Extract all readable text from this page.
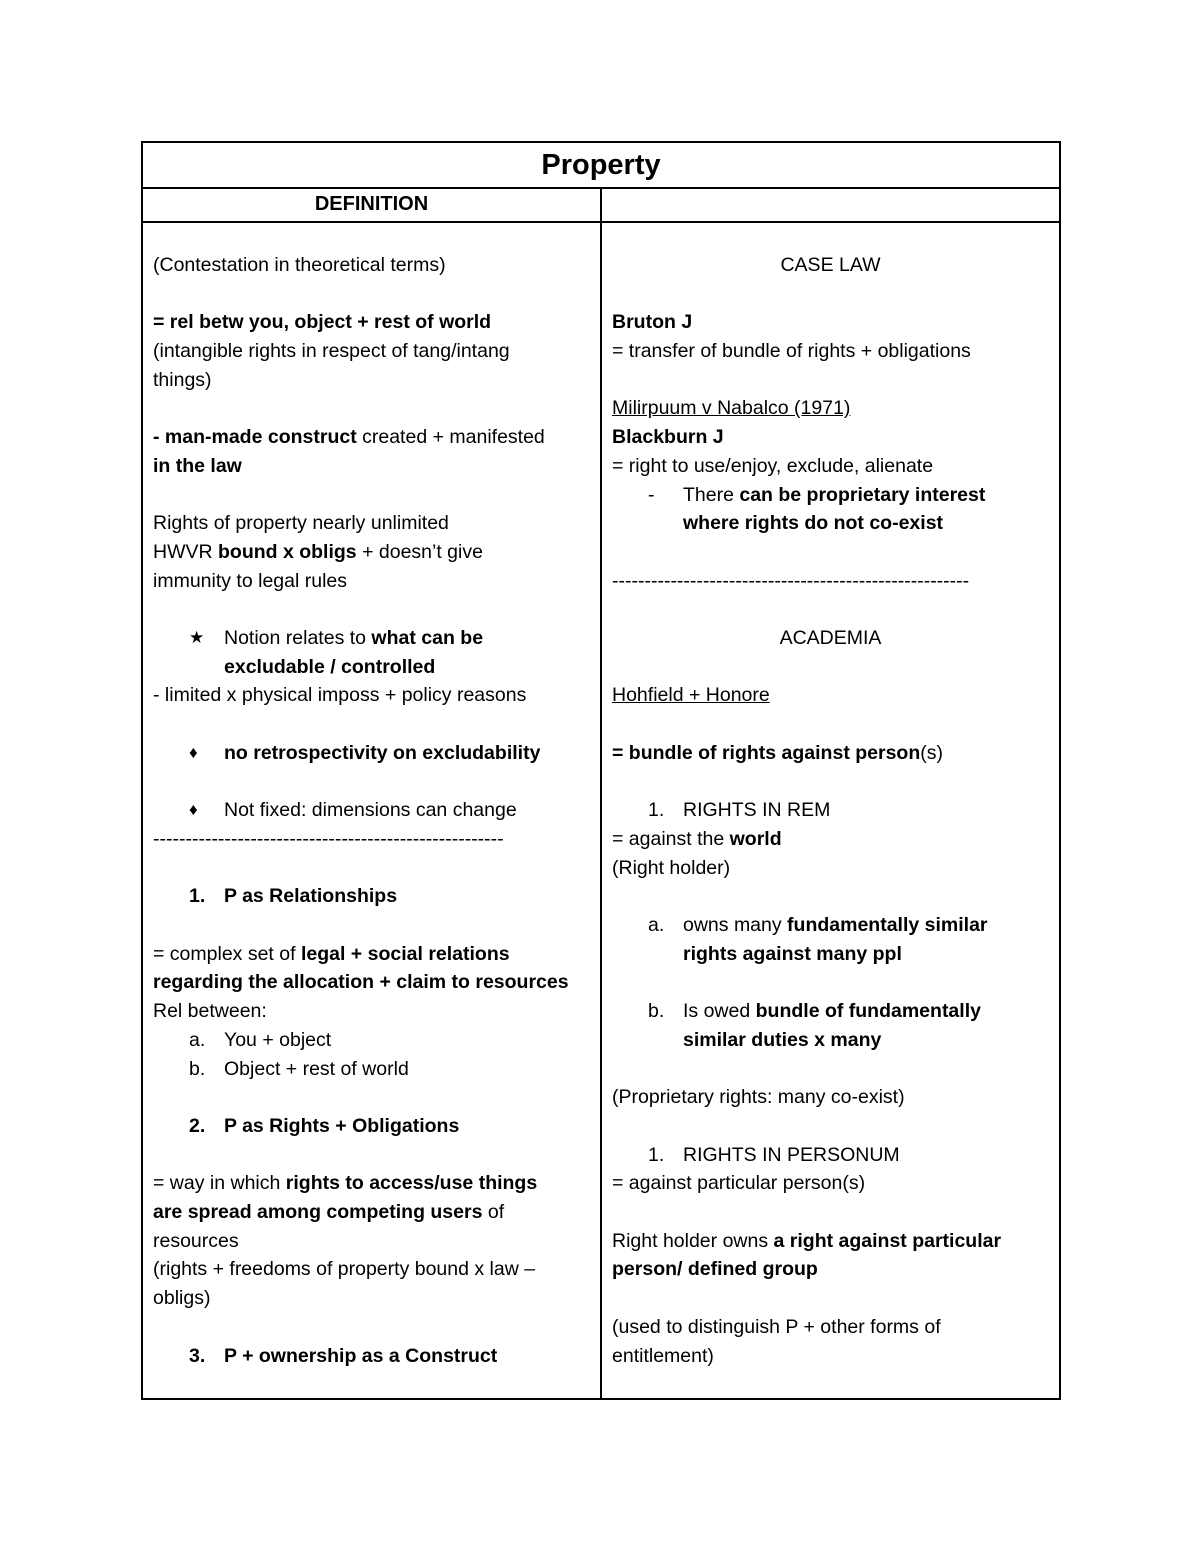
Property
DEFINITION

(Contestation in theoretical terms)

= rel betw you, object + rest of world

(intangible rights in respect of tang/intang

things)

- man-made construct created + manifested

in the law

Rights of property nearly unlimited

HWVR bound x obligs + doesn’t give

immunity to legal rules

★ Notion relates to what can be

excludable / controlled

- limited x physical imposs + policy reasons

♦ no retrospectivity on excludability

♦ Not fixed: dimensions can change

------------------------------------------------------

1. P as Relationships

= complex set of legal + social relations

regarding the allocation + claim to resources

Rel between:

a. You + object

b. Object + rest of world

2. P as Rights + Obligations

= way in which rights to access/use things

are spread among competing users of

resources

(rights + freedoms of property bound x law –

obligs)

3. P + ownership as a Construct

CASE LAW

Bruton J

= transfer of bundle of rights + obligations

Milirpuum v Nabalco (1971)

Blackburn J

= right to use/enjoy, exclude, alienate

- There can be proprietary interest

where rights do not co-exist

-------------------------------------------------------

ACADEMIA

Hohfield + Honore

= bundle of rights against person(s)

1. RIGHTS IN REM

= against the world

(Right holder)

a. owns many fundamentally similar

rights against many ppl

b. Is owed bundle of fundamentally

similar duties x many

(Proprietary rights: many co-exist)

1. RIGHTS IN PERSONUM

= against particular person(s)

Right holder owns a right against particular

person/ defined group

(used to distinguish P + other forms of

entitlement)
